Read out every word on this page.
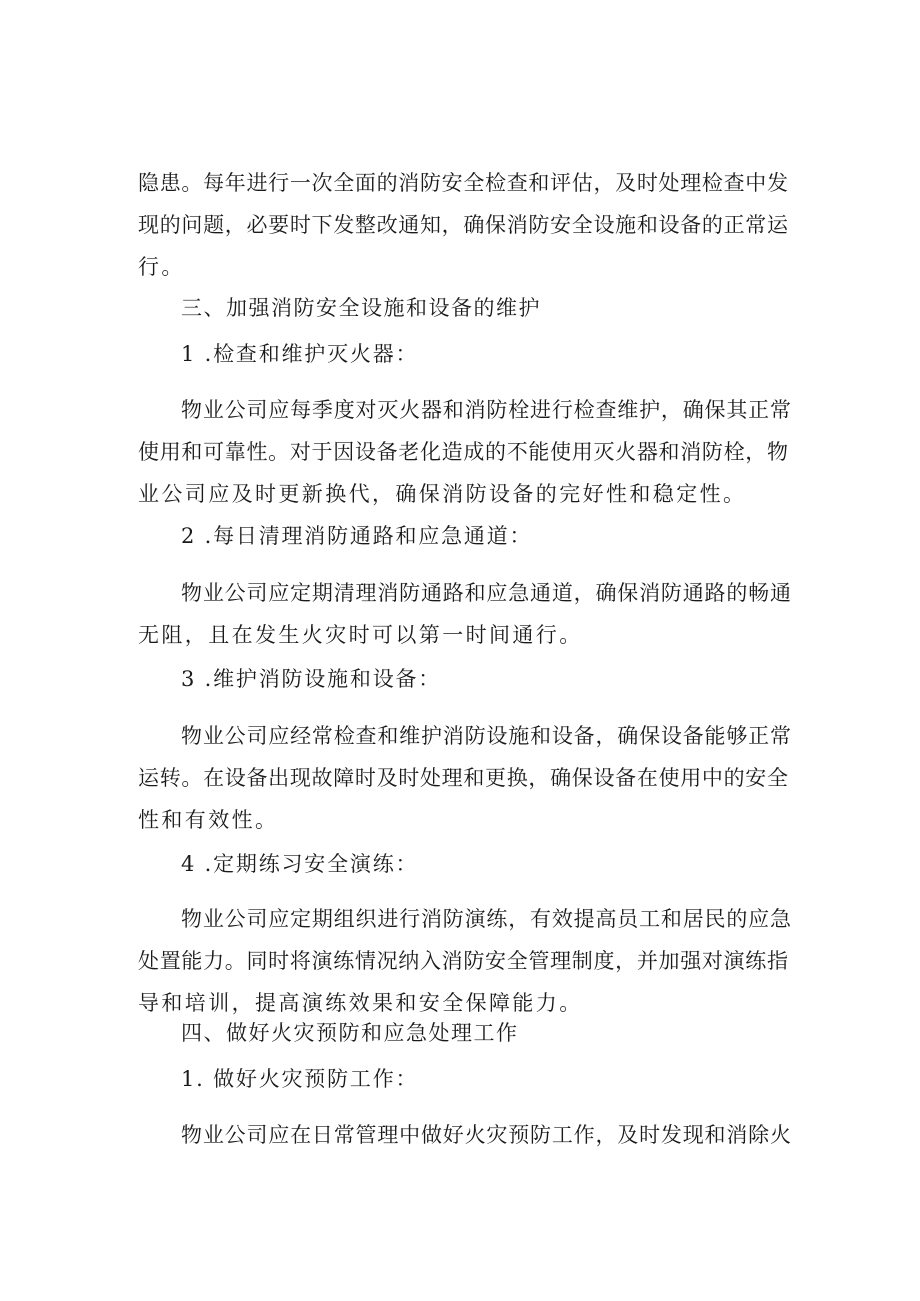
隐患。每年进行一次全面的消防安全检查和评估，及时处理检查中发
现的问题，必要时下发整改通知，确保消防安全设施和设备的正常运
行。
三、加强消防安全设施和设备的维护
1 .检查和维护灭火器：
物业公司应每季度对灭火器和消防栓进行检查维护，确保其正常
使用和可靠性。对于因设备老化造成的不能使用灭火器和消防栓，物
业公司应及时更新换代，确保消防设备的完好性和稳定性。
2 .每日清理消防通路和应急通道：
物业公司应定期清理消防通路和应急通道，确保消防通路的畅通
无阻，且在发生火灾时可以第一时间通行。
3 .维护消防设施和设备：
物业公司应经常检查和维护消防设施和设备，确保设备能够正常
运转。在设备出现故障时及时处理和更换，确保设备在使用中的安全
性和有效性。
4 .定期练习安全演练：
物业公司应定期组织进行消防演练，有效提高员工和居民的应急
处置能力。同时将演练情况纳入消防安全管理制度，并加强对演练指
导和培训，提高演练效果和安全保障能力。
四、做好火灾预防和应急处理工作
1. 做好火灾预防工作：
物业公司应在日常管理中做好火灾预防工作，及时发现和消除火
